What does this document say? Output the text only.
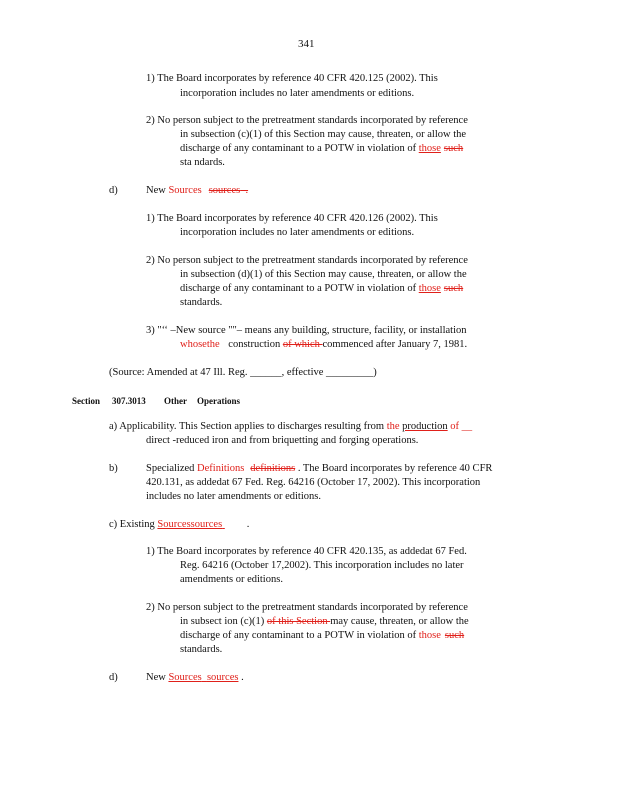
341
1) The Board incorporates by reference 40 CFR 420.125 (2002). This
incorporation includes no later amendments or editions.
2) No person subject to the pretreatment standards incorporated by reference
in subsection (c)(1) of this Section may cause, threaten, or allow the
discharge of any contaminant to a POTW in violation of those such
sta ndards.
d)	New Sources sources  .
1) The Board incorporates by reference 40 CFR 420.126 (2002). This
incorporation includes no later amendments or editions.
2) No person subject to the pretreatment standards incorporated by reference
in subsection (d)(1) of this Section may cause, threaten, or allow the
discharge of any contaminant to a POTW in violation of those such
standards.
3) "‘‘ –New source ""– means any building, structure, facility, or installation
whosethe construction of which commenced after January 7, 1981.
(Source: Amended at 47 Ill. Reg. ______, effective _________)
Section 307.3013 Other Operations
a) Applicability. This Section applies to discharges resulting from the production of __
direct -reduced iron and from briquetting and forging operations.
b)	Specialized Definitions definitions . The Board incorporates by reference 40 CFR
420.131, as addedat 67 Fed. Reg. 64216 (October 17, 2002). This incorporation
includes no later amendments or editions.
c) Existing Sourcessources  .
1) The Board incorporates by reference 40 CFR 420.135, as addedat 67 Fed.
Reg. 64216 (October 17,2002). This incorporation includes no later
amendments or editions.
2) No person subject to the pretreatment standards incorporated by reference
in subsect ion (c)(1) of this Section may cause, threaten, or allow the
discharge of any contaminant to a POTW in violation of those such
standards.
d)	New Sources sources .
